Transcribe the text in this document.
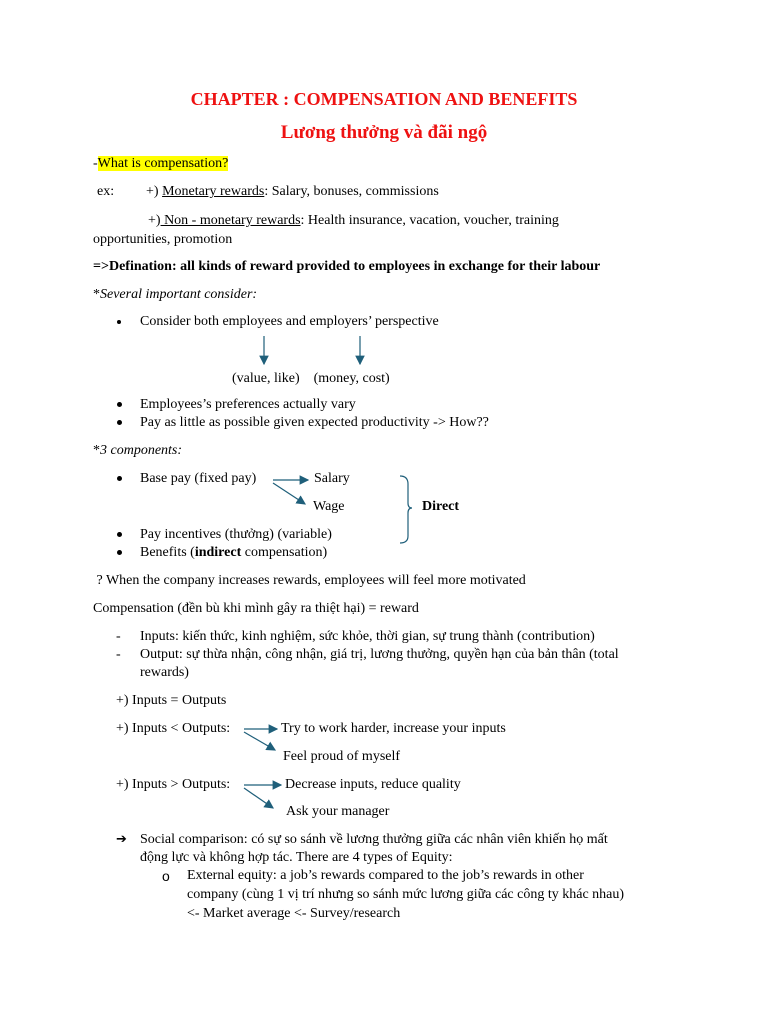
CHAPTER : COMPENSATION AND BENEFITS
Lương thưởng và đãi ngộ
-What is compensation?
ex: +) Monetary rewards: Salary, bonuses, commissions
+) Non - monetary rewards: Health insurance, vacation, voucher, training
opportunities, promotion
=>Defination: all kinds of reward provided to employees in exchange for their labour
*Several important consider:
Consider both employees and employers’ perspective
(value, like)    (money, cost)
Employees’s preferences actually vary
Pay as little as possible given expected productivity -> How??
*3 components:
Base pay (fixed pay)	Salary
Wage	Direct
Pay incentives (thưởng) (variable)
Benefits (indirect compensation)
? When the company increases rewards, employees will feel more motivated
Compensation (đền bù khi mình gây ra thiệt hại) = reward
- Inputs: kiến thức, kinh nghiệm, sức khỏe, thời gian, sự trung thành (contribution)
- Output: sự thừa nhận, công nhận, giá trị, lương thưởng, quyền hạn của bản thân (total
rewards)
+) Inputs = Outputs
+) Inputs < Outputs:	Try to work harder, increase your inputs
Feel proud of myself
+) Inputs > Outputs:	Decrease inputs, reduce quality
Ask your manager
➔ Social comparison: có sự so sánh về lương thưởng giữa các nhân viên khiến họ mất
động lực và không hợp tác. There are 4 types of Equity:
o External equity: a job’s rewards compared to the job’s rewards in other
company (cùng 1 vị trí nhưng so sánh mức lương giữa các công ty khác nhau)
<- Market average <- Survey/research
